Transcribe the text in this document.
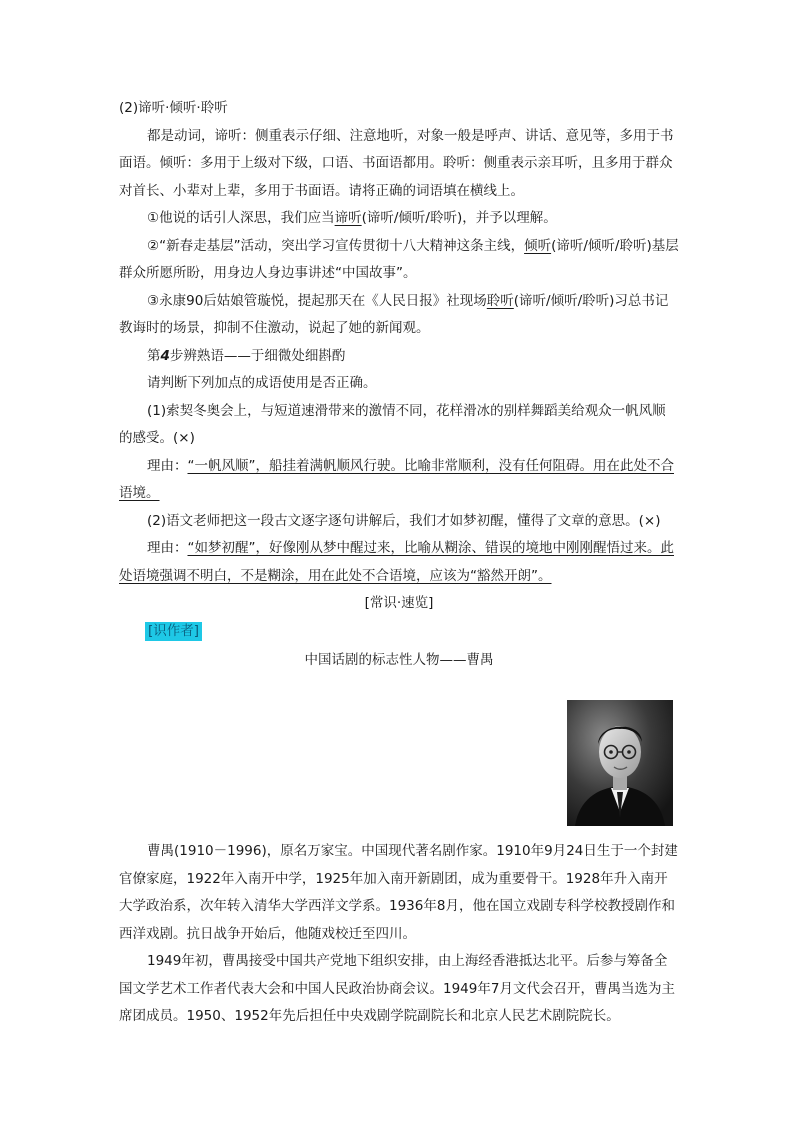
(2)谛听·倾听·聆听

都是动词，谛听：侧重表示仔细、注意地听，对象一般是呼声、讲话、意见等，多用于书面语。倾听：多用于上级对下级，口语、书面语都用。聆听：侧重表示亲耳听，且多用于群众对首长、小辈对上辈，多用于书面语。请将正确的词语填在横线上。

①他说的话引人深思，我们应当谛听(谛听/倾听/聆听)，并予以理解。

②“新春走基层”活动，突出学习宣传贯彻十八大精神这条主线，倾听(谛听/倾听/聆听)基层群众所愿所盼，用身边人身边事讲述“中国故事”。

③永康90后姑娘管璇悦，提起那天在《人民日报》社现场聆听(谛听/倾听/聆听)习总书记教诲时的场景，抑制不住激动，说起了她的新闻观。

第4步辨熟语——于细微处细斟酌

请判断下列加点的成语使用是否正确。

(1)索契冬奥会上，与短道速滑带来的激情不同，花样滑冰的别样舞蹈美给观众一帆风顺的感受。(×)

理由：“一帆风顺”，船挂着满帆顺风行驶。比喻非常顺利，没有任何阻碍。用在此处不合语境。

(2)语文老师把这一段古文逐字逐句讲解后，我们才如梦初醒，懂得了文章的意思。(×)

理由：“如梦初醒”，好像刚从梦中醒过来，比喻从糊涂、错误的境地中刚刚醒悟过来。此处语境强调不明白，不是糊涂，用在此处不合语境，应该为“豁然开朗”。

[常识·速览]

[识作者]

中国话剧的标志性人物——曹禺

曹禺(1910－1996)，原名万家宝。中国现代著名剧作家。1910年9月24日生于一个封建官僚家庭，1922年入南开中学，1925年加入南开新剧团，成为重要骨干。1928年升入南开大学政治系，次年转入清华大学西洋文学系。1936年8月，他在国立戏剧专科学校教授剧作和西洋戏剧。抗日战争开始后，他随戏校迁至四川。

1949年初，曹禺接受中国共产党地下组织安排，由上海经香港抵达北平。后参与筹备全国文学艺术工作者代表大会和中国人民政治协商会议。1949年7月文代会召开，曹禺当选为主席团成员。1950、1952年先后担任中央戏剧学院副院长和北京人民艺术剧院院长。
